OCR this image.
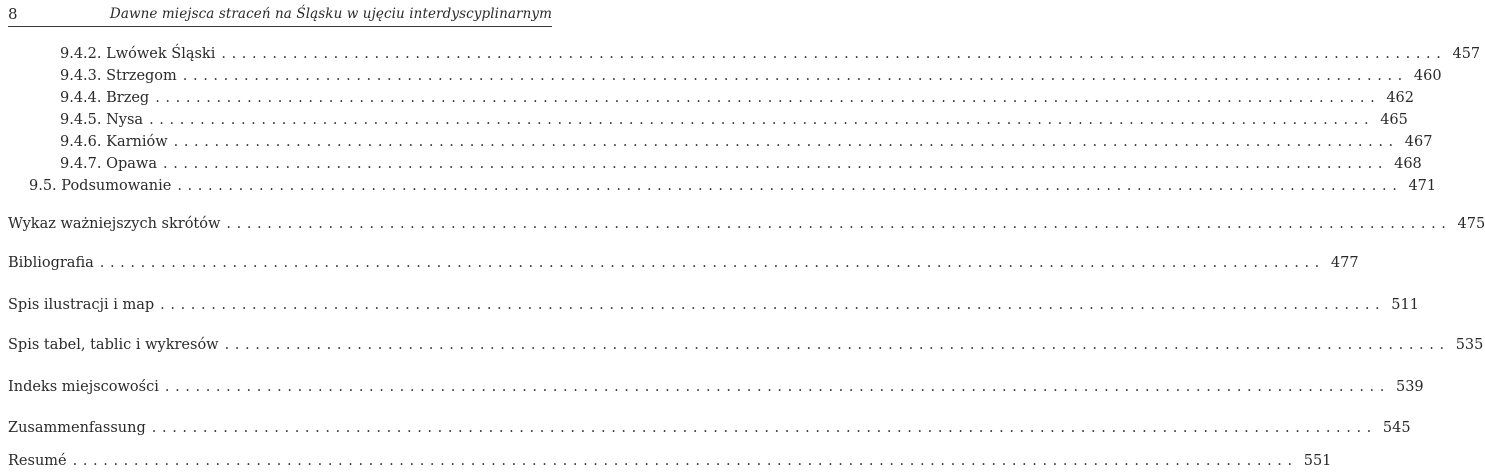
8	Dawne miejsca straceń na Śląsku w ujęciu interdyscyplinarnym
9.4.2. Lwówek Śląski ........................................................................................................................ 457
9.4.3. Strzegom ........................................................................................................................ 460
9.4.4. Brzeg ........................................................................................................................ 462
9.4.5. Nysa ........................................................................................................................ 465
9.4.6. Karniów ........................................................................................................................ 467
9.4.7. Opawa ........................................................................................................................ 468
9.5. Podsumowanie ........................................................................................................................ 471
Wykaz ważniejszych skrótów ........................................................................................................................ 475
Bibliografia ........................................................................................................................ 477
Spis ilustracji i map ........................................................................................................................ 511
Spis tabel, tablic i wykresów ........................................................................................................................ 535
Indeks miejscowości ........................................................................................................................ 539
Zusammenfassung ........................................................................................................................ 545
Resumé ........................................................................................................................ 551
